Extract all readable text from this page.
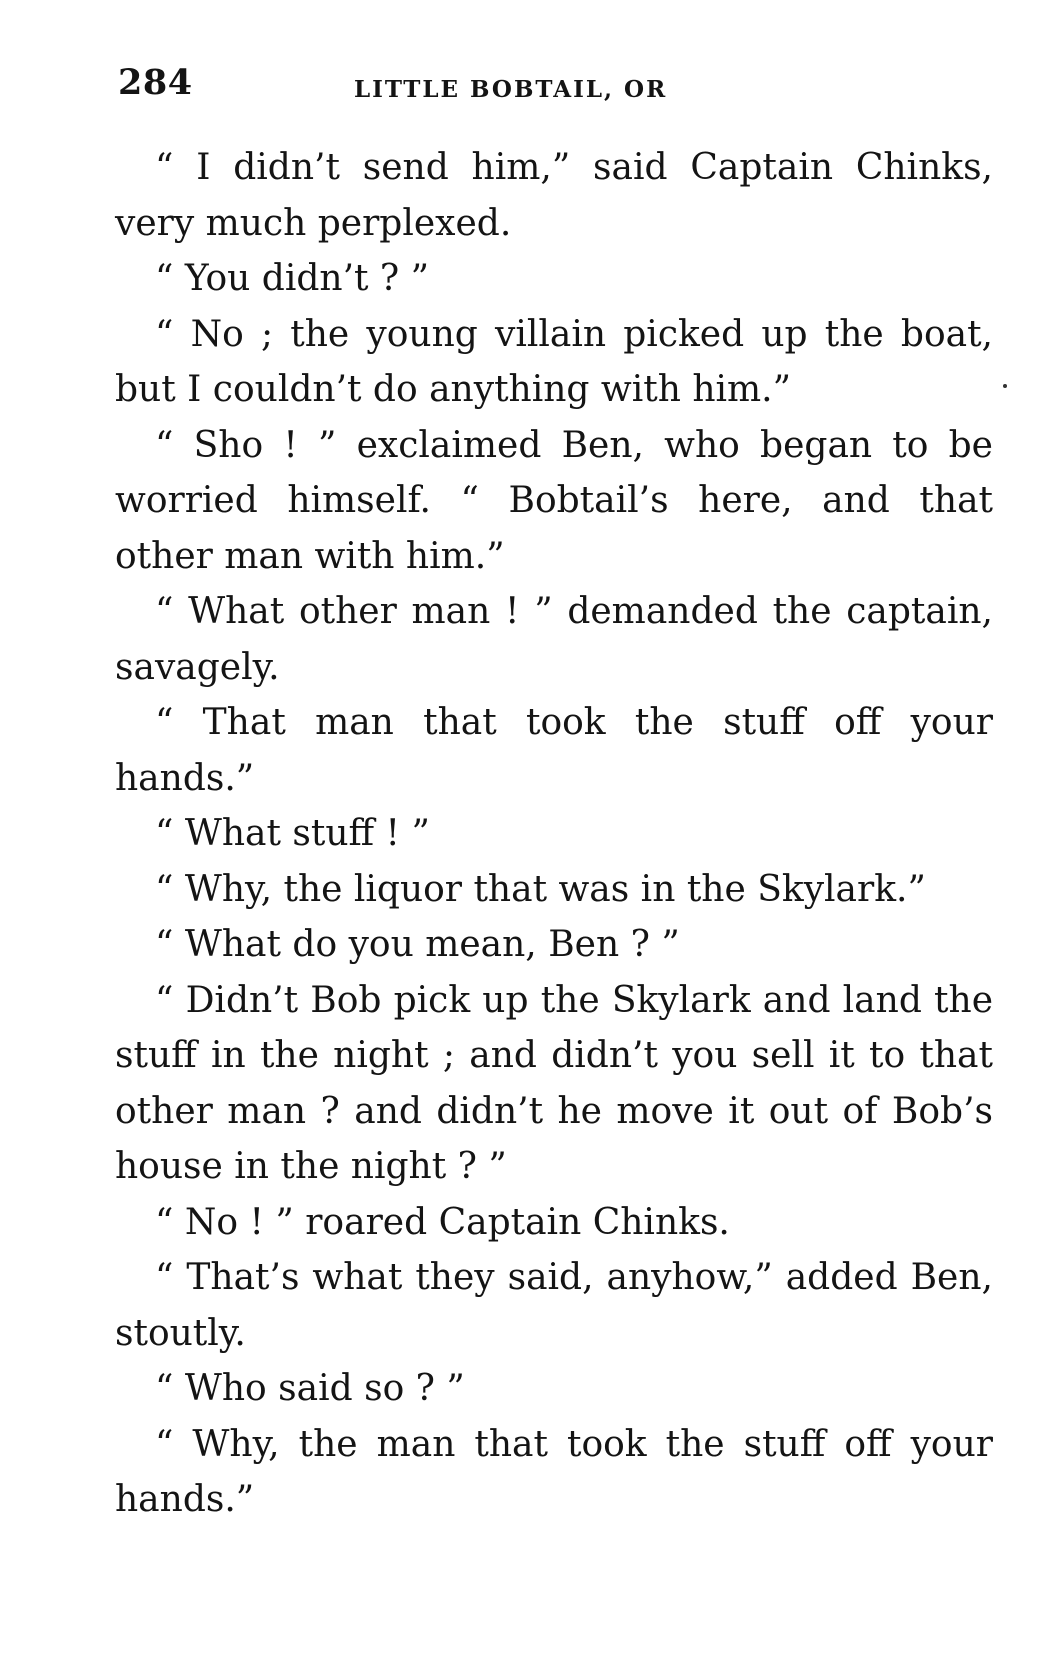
284	LITTLE BOBTAIL, OR

“ I didn’t send him,” said Captain Chinks, very much perplexed.

“ You didn’t ? ”

“ No ; the young villain picked up the boat, but I couldn’t do anything with him.”

“ Sho ! ” exclaimed Ben, who began to be worried himself. “ Bobtail’s here, and that other man with him.”

“ What other man ! ” demanded the captain, savagely.

“ That man that took the stuff off your hands.”

“ What stuff ! ”

“ Why, the liquor that was in the Skylark.”

“ What do you mean, Ben ? ”

“ Didn’t Bob pick up the Skylark and land the stuff in the night ; and didn’t you sell it to that other man ? and didn’t he move it out of Bob’s house in the night ? ”

“ No ! ” roared Captain Chinks.

“ That’s what they said, anyhow,” added Ben, stoutly.

“ Who said so ? ”

“ Why, the man that took the stuff off your hands.”
